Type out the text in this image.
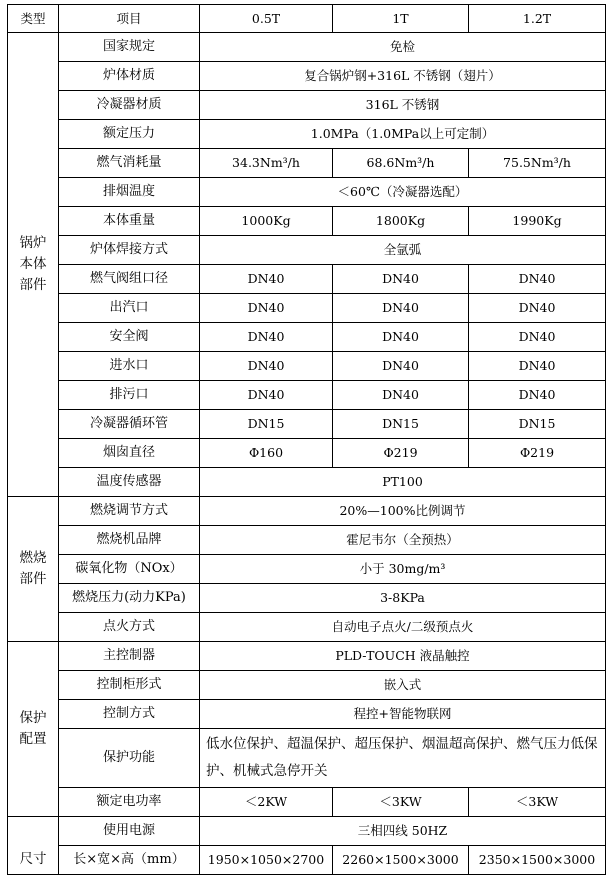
类型	项目	0.5T	1T	1.2T

锅炉
本体
部件	国家规定	免检		
	炉体材质	复合锅炉钢+316L 不锈钢（翅片）		
	冷凝器材质	316L 不锈钢		
	额定压力	1.0MPa（1.0MPa以上可定制）		
	燃气消耗量	34.3Nm³/h	68.6Nm³/h	75.5Nm³/h
	排烟温度	＜60℃（冷凝器选配）		
	本体重量	1000Kg	1800Kg	1990Kg
	炉体焊接方式	全氩弧		
	燃气阀组口径	DN40	DN40	DN40
	出汽口	DN40	DN40	DN40
	安全阀	DN40	DN40	DN40
	进水口	DN40	DN40	DN40
	排污口	DN40	DN40	DN40
	冷凝器循环管	DN15	DN15	DN15
	烟囱直径	Φ160	Φ219	Φ219
	温度传感器	PT100		

燃烧
部件	燃烧调节方式	20%—100%比例调节		
	燃烧机品牌	霍尼韦尔（全预热）		
	碳氧化物（NOx）	小于 30mg/m³		
	燃烧压力(动力KPa)	3-8KPa		
	点火方式	自动电子点火/二级预点火		

保护
配置	主控制器	PLD-TOUCH 液晶触控		
	控制柜形式	嵌入式		
	控制方式	程控+智能物联网		
	保护功能	低水位保护、超温保护、超压保护、烟温超高保护、燃气压力低保护、机械式急停开关		
	额定电功率	＜2KW	＜3KW	＜3KW

尺寸	使用电源	三相四线 50HZ		
	长×宽×高（mm）	1950×1050×2700	2260×1500×3000	2350×1500×3000
